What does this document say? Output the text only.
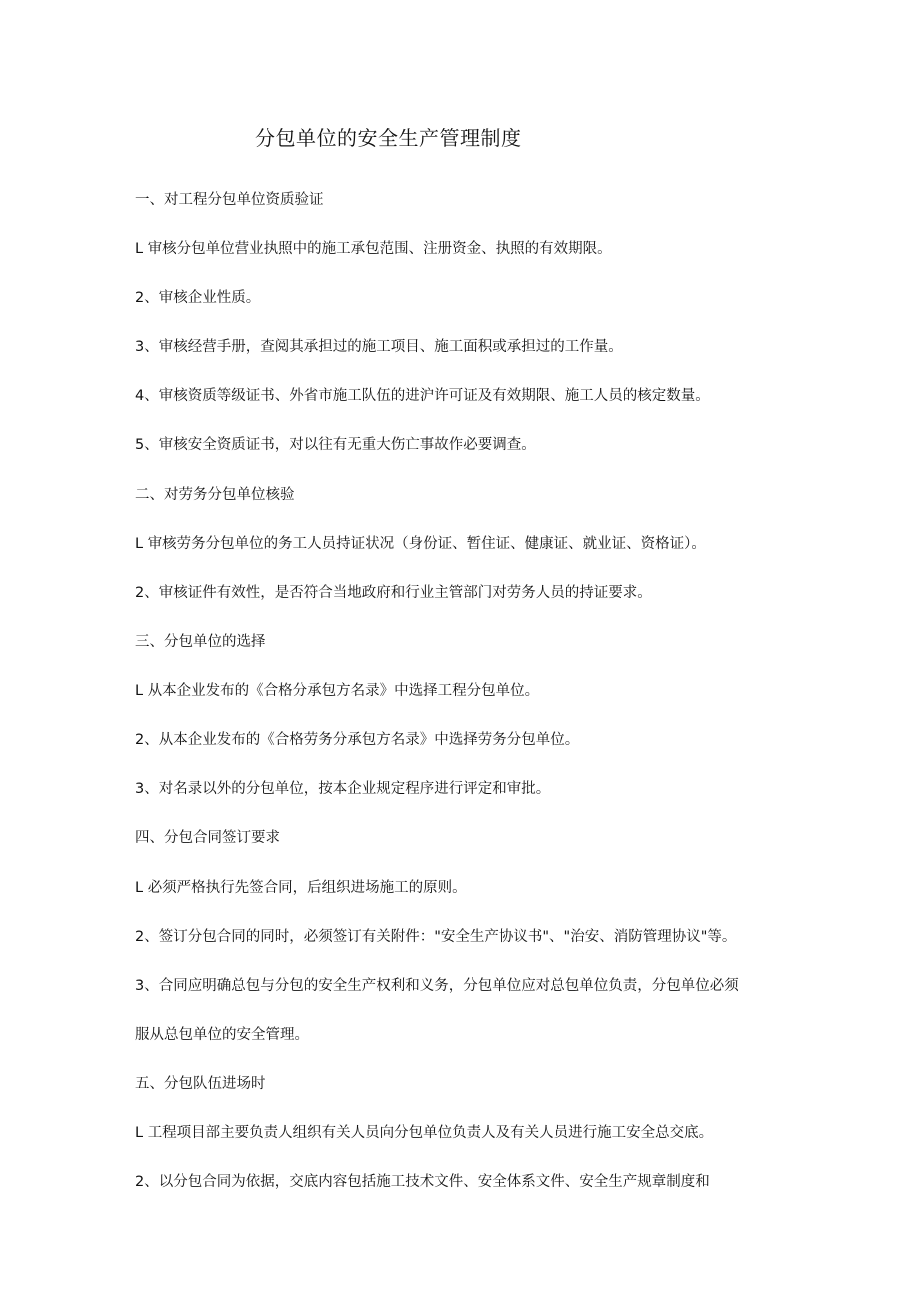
分包单位的安全生产管理制度
一、对工程分包单位资质验证
L 审核分包单位营业执照中的施工承包范围、注册资金、执照的有效期限。
2、审核企业性质。
3、审核经营手册，查阅其承担过的施工项目、施工面积或承担过的工作量。
4、审核资质等级证书、外省市施工队伍的进沪许可证及有效期限、施工人员的核定数量。
5、审核安全资质证书，对以往有无重大伤亡事故作必要调查。
二、对劳务分包单位核验
L 审核劳务分包单位的务工人员持证状况（身份证、暂住证、健康证、就业证、资格证）。
2、审核证件有效性，是否符合当地政府和行业主管部门对劳务人员的持证要求。
三、分包单位的选择
L 从本企业发布的《合格分承包方名录》中选择工程分包单位。
2、从本企业发布的《合格劳务分承包方名录》中选择劳务分包单位。
3、对名录以外的分包单位，按本企业规定程序进行评定和审批。
四、分包合同签订要求
L 必须严格执行先签合同，后组织进场施工的原则。
2、签订分包合同的同时，必须签订有关附件："安全生产协议书"、"治安、消防管理协议"等。
3、合同应明确总包与分包的安全生产权利和义务，分包单位应对总包单位负责，分包单位必须
服从总包单位的安全管理。
五、分包队伍进场时
L 工程项目部主要负责人组织有关人员向分包单位负责人及有关人员进行施工安全总交底。
2、以分包合同为依据，交底内容包括施工技术文件、安全体系文件、安全生产规章制度和
